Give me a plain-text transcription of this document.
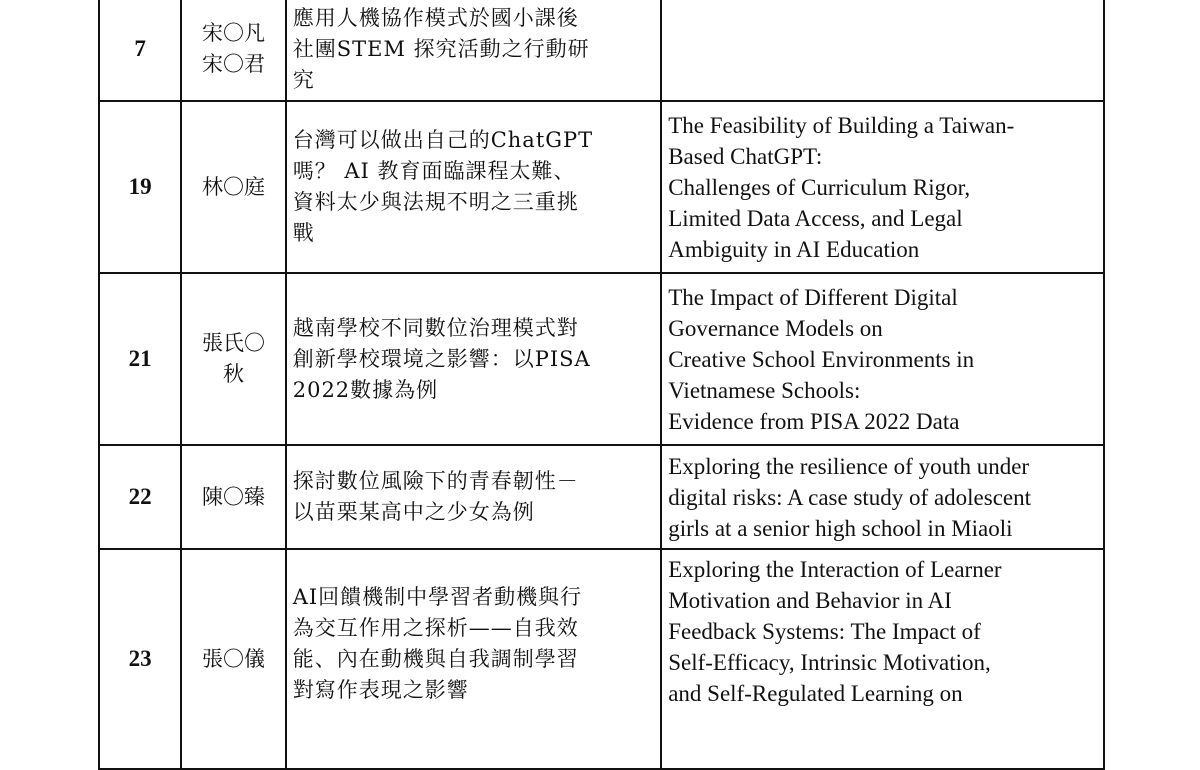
7	宋〇凡
宋〇君	應用人機協作模式於國小課後
社團STEM 探究活動之行動研
究	

19	林〇庭	台灣可以做出自己的ChatGPT
嗎？ AI 教育面臨課程太難、
資料太少與法規不明之三重挑
戰	The Feasibility of Building a Taiwan-
Based ChatGPT:
Challenges of Curriculum Rigor,
Limited Data Access, and Legal
Ambiguity in AI Education

21	張氏〇
秋	越南學校不同數位治理模式對
創新學校環境之影響：以PISA
2022數據為例	The Impact of Different Digital
Governance Models on
Creative School Environments in
Vietnamese Schools:
Evidence from PISA 2022 Data

22	陳〇臻	探討數位風險下的青春韌性－
以苗栗某高中之少女為例	Exploring the resilience of youth under
digital risks: A case study of adolescent
girls at a senior high school in Miaoli

23	張〇儀	AI回饋機制中學習者動機與行
為交互作用之探析——自我效
能、內在動機與自我調制學習
對寫作表現之影響	Exploring the Interaction of Learner
Motivation and Behavior in AI
Feedback Systems: The Impact of
Self-Efficacy, Intrinsic Motivation,
and Self-Regulated Learning on
